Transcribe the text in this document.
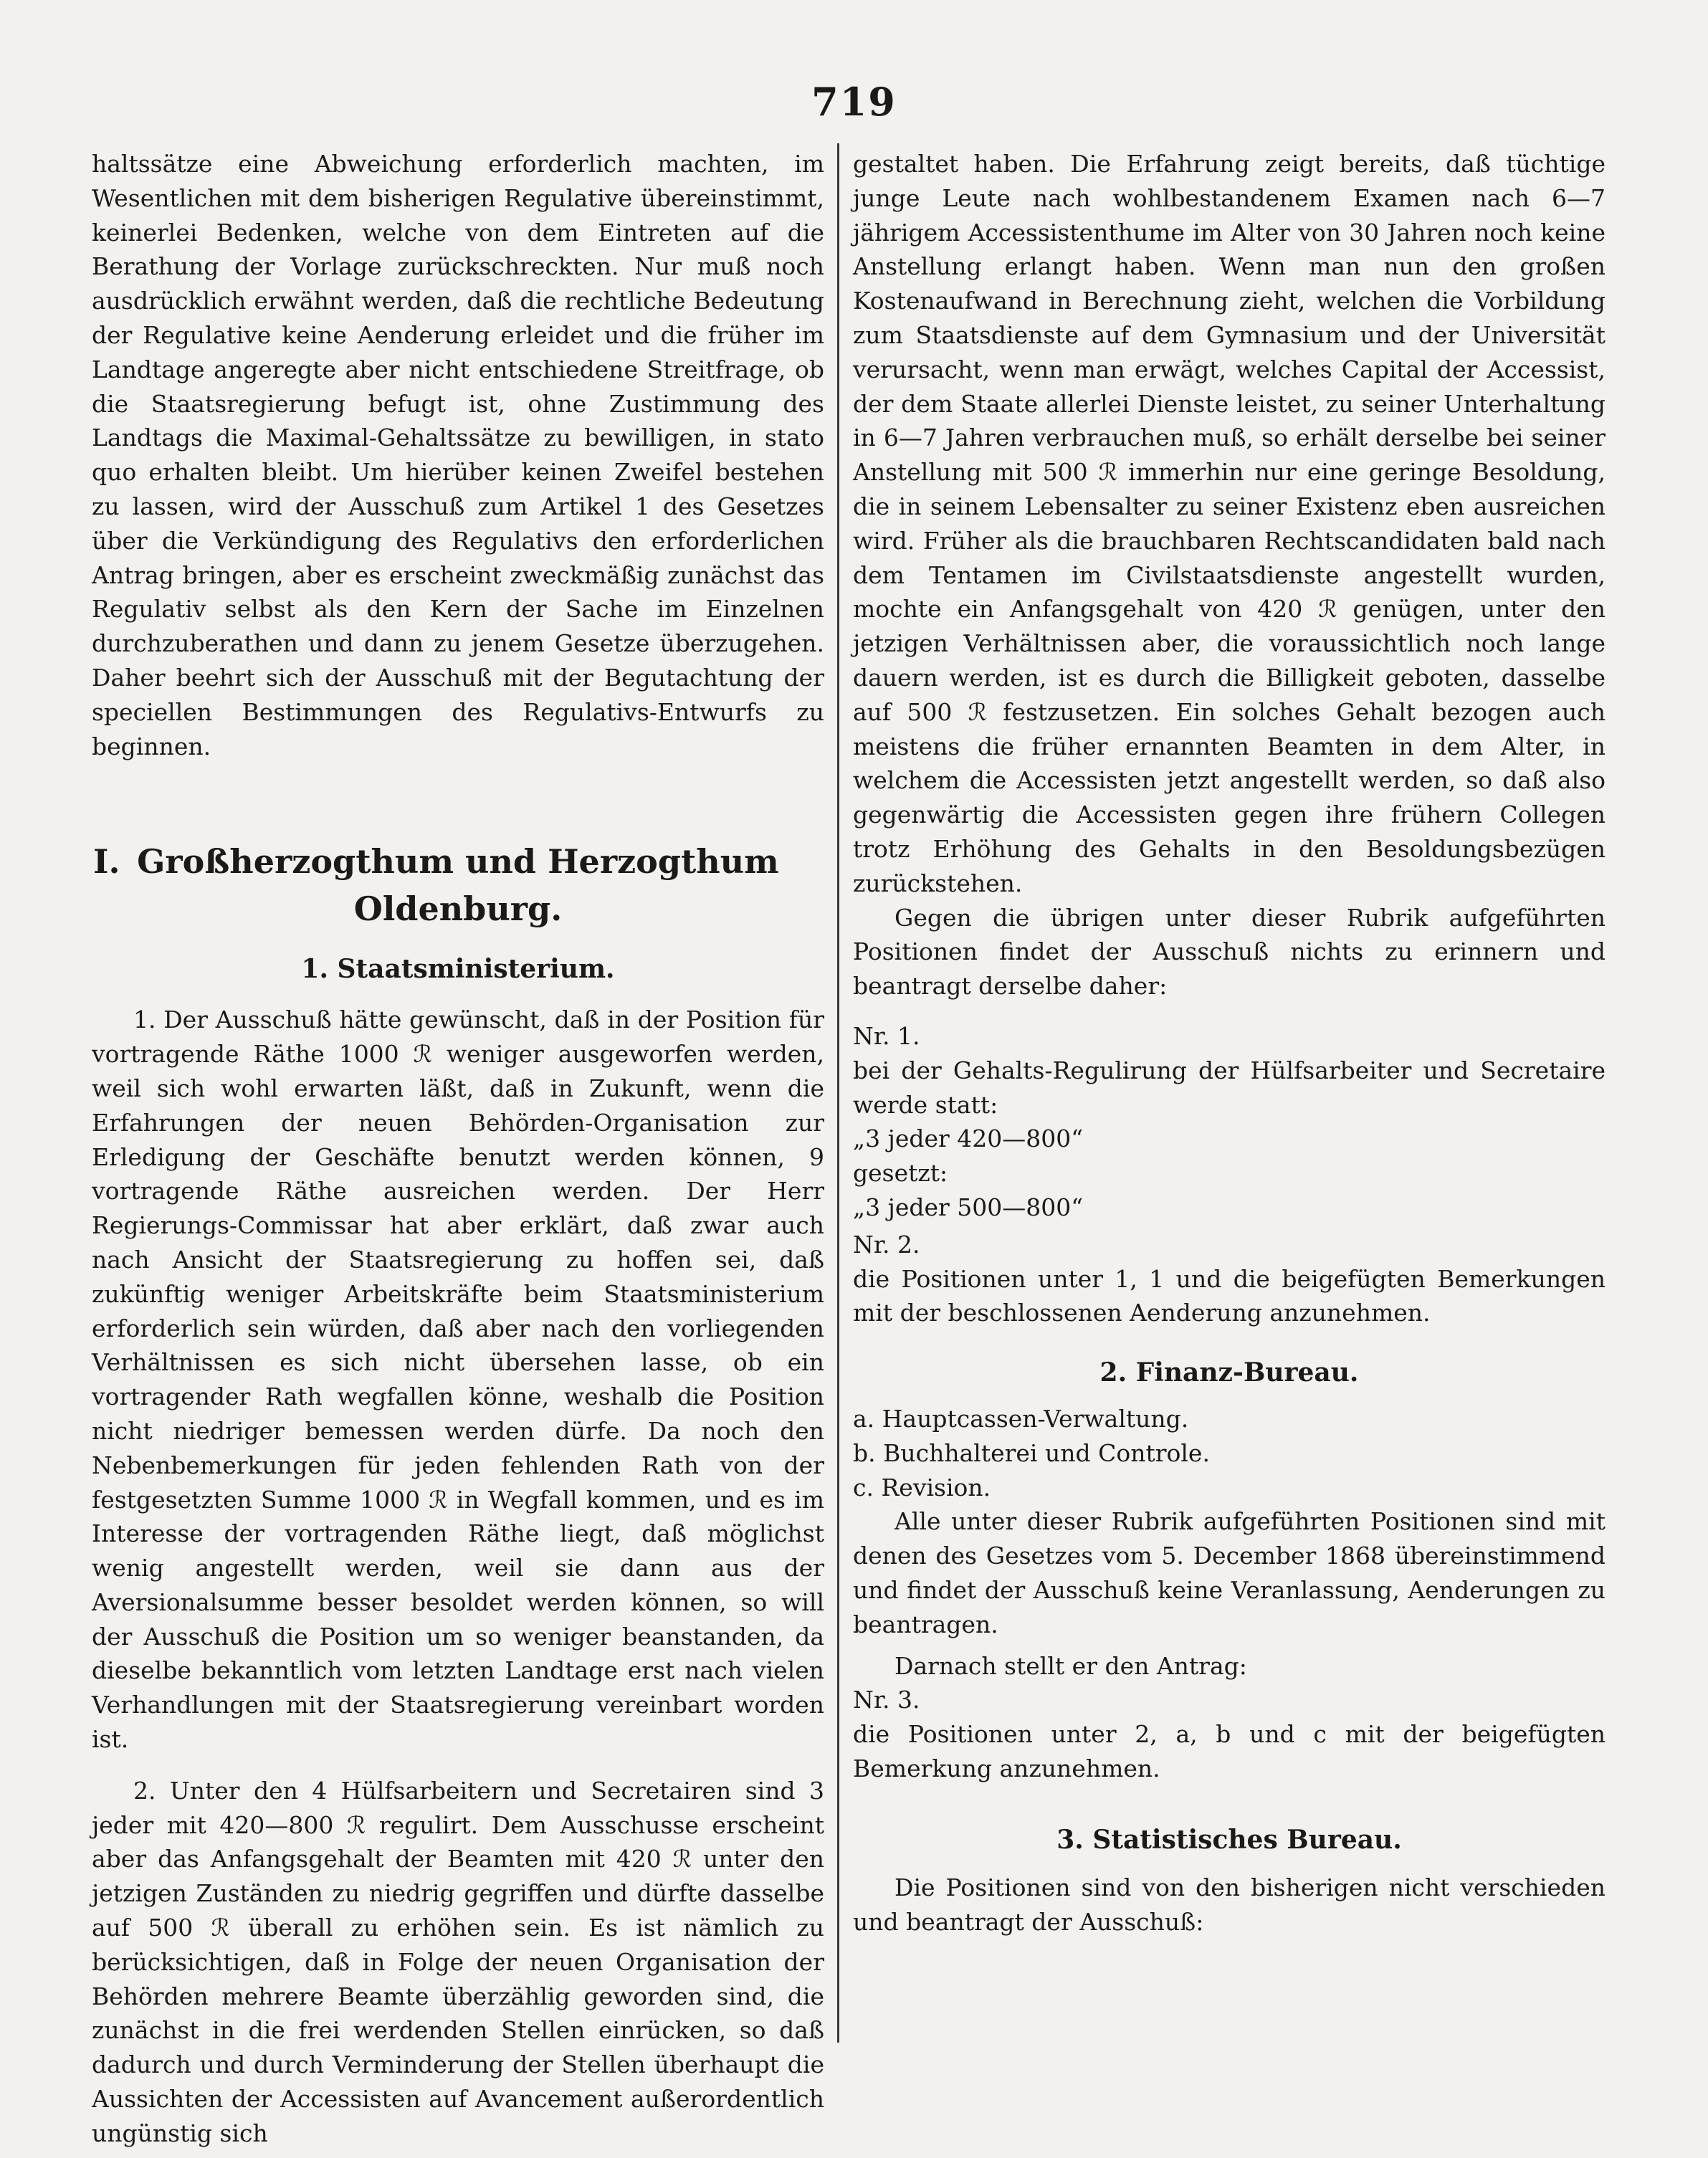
719

haltssätze eine Abweichung erforderlich machten, im Wesentlichen mit dem bisherigen Regulative übereinstimmt, keinerlei Bedenken, welche von dem Eintreten auf die Berathung der Vorlage zurückschreckten. Nur muß noch ausdrücklich erwähnt werden, daß die rechtliche Bedeutung der Regulative keine Aenderung erleidet und die früher im Landtage angeregte aber nicht entschiedene Streitfrage, ob die Staatsregierung befugt ist, ohne Zustimmung des Landtags die Maximal-Gehaltssätze zu bewilligen, in stato quo erhalten bleibt. Um hierüber keinen Zweifel bestehen zu lassen, wird der Ausschuß zum Artikel 1 des Gesetzes über die Verkündigung des Regulativs den erforderlichen Antrag bringen, aber es erscheint zweckmäßig zunächst das Regulativ selbst als den Kern der Sache im Einzelnen durchzuberathen und dann zu jenem Gesetze überzugehen. Daher beehrt sich der Ausschuß mit der Begutachtung der speciellen Bestimmungen des Regulativs-Entwurfs zu beginnen.

I. Großherzogthum und Herzogthum
Oldenburg.
1. Staatsministerium.

1. Der Ausschuß hätte gewünscht, daß in der Position für vortragende Räthe 1000 ℛ weniger ausgeworfen werden, weil sich wohl erwarten läßt, daß in Zukunft, wenn die Erfahrungen der neuen Behörden-Organisation zur Erledigung der Geschäfte benutzt werden können, 9 vortragende Räthe ausreichen werden. Der Herr Regierungs-Commissar hat aber erklärt, daß zwar auch nach Ansicht der Staatsregierung zu hoffen sei, daß zukünftig weniger Arbeitskräfte beim Staatsministerium erforderlich sein würden, daß aber nach den vorliegenden Verhältnissen es sich nicht übersehen lasse, ob ein vortragender Rath wegfallen könne, weshalb die Position nicht niedriger bemessen werden dürfe. Da noch den Nebenbemerkungen für jeden fehlenden Rath von der festgesetzten Summe 1000 ℛ in Wegfall kommen, und es im Interesse der vortragenden Räthe liegt, daß möglichst wenig angestellt werden, weil sie dann aus der Aversionalsumme besser besoldet werden können, so will der Ausschuß die Position um so weniger beanstanden, da dieselbe bekanntlich vom letzten Landtage erst nach vielen Verhandlungen mit der Staatsregierung vereinbart worden ist.

2. Unter den 4 Hülfsarbeitern und Secretairen sind 3 jeder mit 420—800 ℛ regulirt. Dem Ausschusse erscheint aber das Anfangsgehalt der Beamten mit 420 ℛ unter den jetzigen Zuständen zu niedrig gegriffen und dürfte dasselbe auf 500 ℛ überall zu erhöhen sein. Es ist nämlich zu berücksichtigen, daß in Folge der neuen Organisation der Behörden mehrere Beamte überzählig geworden sind, die zunächst in die frei werdenden Stellen einrücken, so daß dadurch und durch Verminderung der Stellen überhaupt die Aussichten der Accessisten auf Avancement außerordentlich ungünstig sich

gestaltet haben. Die Erfahrung zeigt bereits, daß tüchtige junge Leute nach wohlbestandenem Examen nach 6—7 jährigem Accessistenthume im Alter von 30 Jahren noch keine Anstellung erlangt haben. Wenn man nun den großen Kostenaufwand in Berechnung zieht, welchen die Vorbildung zum Staatsdienste auf dem Gymnasium und der Universität verursacht, wenn man erwägt, welches Capital der Accessist, der dem Staate allerlei Dienste leistet, zu seiner Unterhaltung in 6—7 Jahren verbrauchen muß, so erhält derselbe bei seiner Anstellung mit 500 ℛ immerhin nur eine geringe Besoldung, die in seinem Lebensalter zu seiner Existenz eben ausreichen wird. Früher als die brauchbaren Rechtscandidaten bald nach dem Tentamen im Civilstaatsdienste angestellt wurden, mochte ein Anfangsgehalt von 420 ℛ genügen, unter den jetzigen Verhältnissen aber, die voraussichtlich noch lange dauern werden, ist es durch die Billigkeit geboten, dasselbe auf 500 ℛ festzusetzen. Ein solches Gehalt bezogen auch meistens die früher ernannten Beamten in dem Alter, in welchem die Accessisten jetzt angestellt werden, so daß also gegenwärtig die Accessisten gegen ihre frühern Collegen trotz Erhöhung des Gehalts in den Besoldungsbezügen zurückstehen.

Gegen die übrigen unter dieser Rubrik aufgeführten Positionen findet der Ausschuß nichts zu erinnern und beantragt derselbe daher:

Nr. 1.

bei der Gehalts-Regulirung der Hülfsarbeiter und Secretaire werde statt:

„3 jeder 420—800“

gesetzt:

„3 jeder 500—800“

Nr. 2.

die Positionen unter 1, 1 und die beigefügten Bemerkungen mit der beschlossenen Aenderung anzunehmen.

2. Finanz-Bureau.

a. Hauptcassen-Verwaltung.

b. Buchhalterei und Controle.

c. Revision.

Alle unter dieser Rubrik aufgeführten Positionen sind mit denen des Gesetzes vom 5. December 1868 übereinstimmend und findet der Ausschuß keine Veranlassung, Aenderungen zu beantragen.

Darnach stellt er den Antrag:

Nr. 3.

die Positionen unter 2, a, b und c mit der beigefügten Bemerkung anzunehmen.

3. Statistisches Bureau.

Die Positionen sind von den bisherigen nicht verschieden und beantragt der Ausschuß:
